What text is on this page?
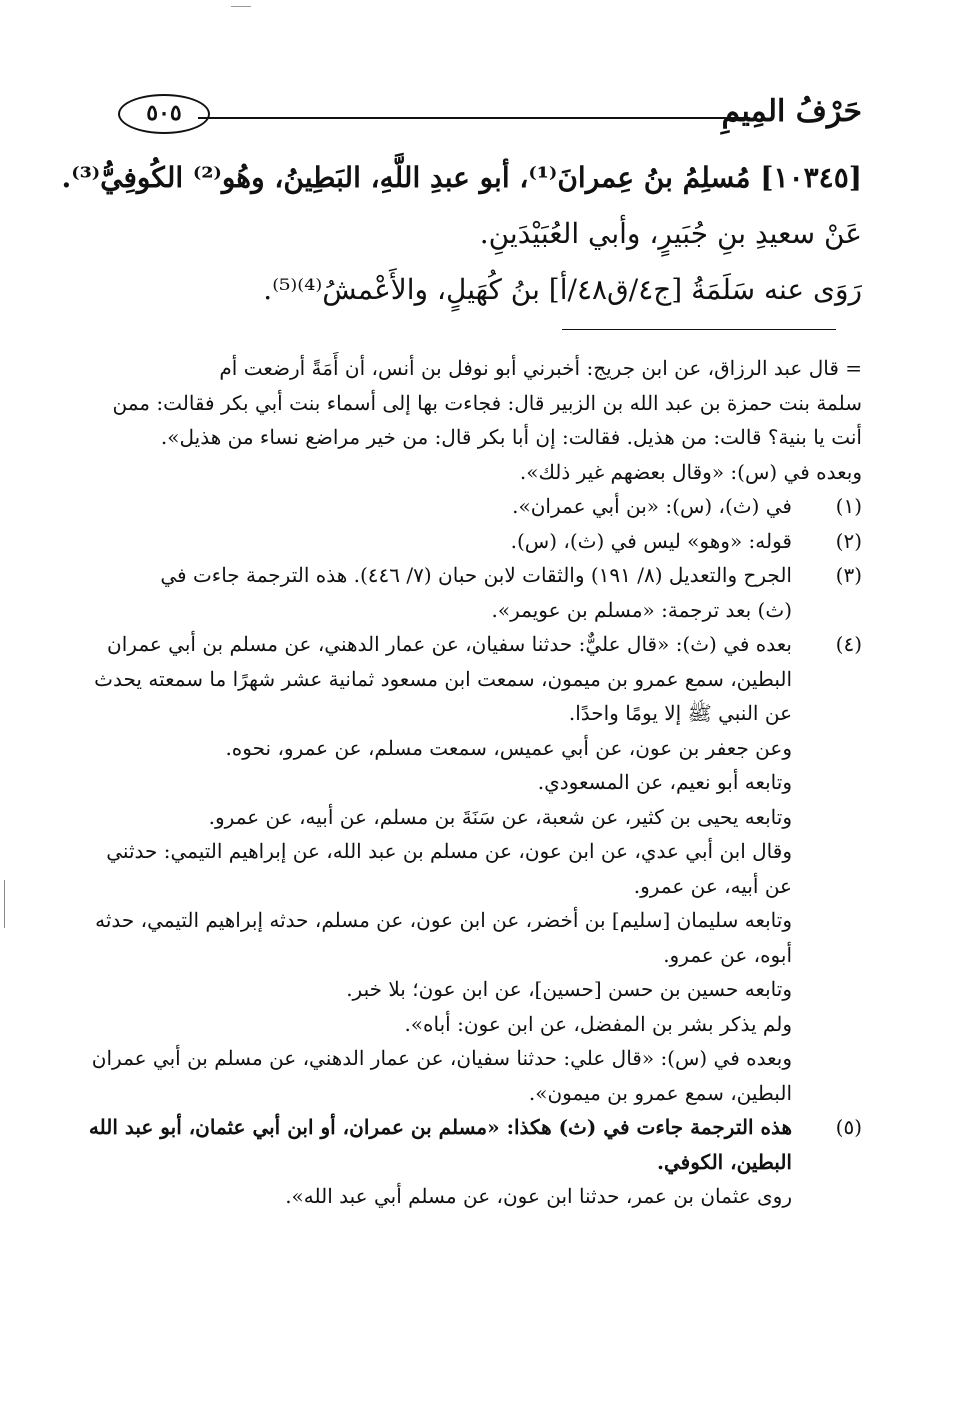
حَرْفُ المِيمِ
٥٠٥
[١٠٣٤٥] مُسلِمُ بنُ عِمرانَ⁽¹⁾، أبو عبدِ اللَّهِ، البَطِينُ، وهُو⁽²⁾ الكُوفِيُّ⁽³⁾.
عَنْ سعيدِ بنِ جُبَيرٍ، وأبي العُبَيْدَينِ.
رَوَى عنه سَلَمَةُ [ج٤/ق٤٨/أ] بنُ كُهَيلٍ، والأَعْمشُ⁽⁴⁾⁽⁵⁾.
= قال عبد الرزاق، عن ابن جريج: أخبرني أبو نوفل بن أنس، أن أَمَةً أرضعت أم
سلمة بنت حمزة بن عبد الله بن الزبير قال: فجاءت بها إلى أسماء بنت أبي بكر فقالت: ممن
أنت يا بنية؟ قالت: من هذيل. فقالت: إن أبا بكر قال: من خير مراضع نساء من هذيل».
وبعده في (س): «وقال بعضهم غير ذلك».
(١)
في (ث)، (س): «بن أبي عمران».
(٢)
قوله: «وهو» ليس في (ث)، (س).
(٣)
الجرح والتعديل (٨/ ١٩١) والثقات لابن حبان (٧/ ٤٤٦). هذه الترجمة جاءت في
(ث) بعد ترجمة: «مسلم بن عويمر».
(٤)
بعده في (ث): «قال عليٌّ: حدثنا سفيان، عن عمار الدهني، عن مسلم بن أبي عمران
البطين، سمع عمرو بن ميمون، سمعت ابن مسعود ثمانية عشر شهرًا ما سمعته يحدث
عن النبي ﷺ إلا يومًا واحدًا.
وعن جعفر بن عون، عن أبي عميس، سمعت مسلم، عن عمرو، نحوه.
وتابعه أبو نعيم، عن المسعودي.
وتابعه يحيى بن كثير، عن شعبة، عن سَنَةَ بن مسلم، عن أبيه، عن عمرو.
وقال ابن أبي عدي، عن ابن عون، عن مسلم بن عبد الله، عن إبراهيم التيمي: حدثني
عن أبيه، عن عمرو.
وتابعه سليمان [سليم] بن أخضر، عن ابن عون، عن مسلم، حدثه إبراهيم التيمي، حدثه
أبوه، عن عمرو.
وتابعه حسين بن حسن [حسين]، عن ابن عون؛ بلا خبر.
ولم يذكر بشر بن المفضل، عن ابن عون: أباه».
وبعده في (س): «قال علي: حدثنا سفيان، عن عمار الدهني، عن مسلم بن أبي عمران
البطين، سمع عمرو بن ميمون».
(٥)
هذه الترجمة جاءت في (ث) هكذا: «مسلم بن عمران، أو ابن أبي عثمان، أبو عبد الله
البطين، الكوفي.
روى عثمان بن عمر، حدثنا ابن عون، عن مسلم أبي عبد الله».
